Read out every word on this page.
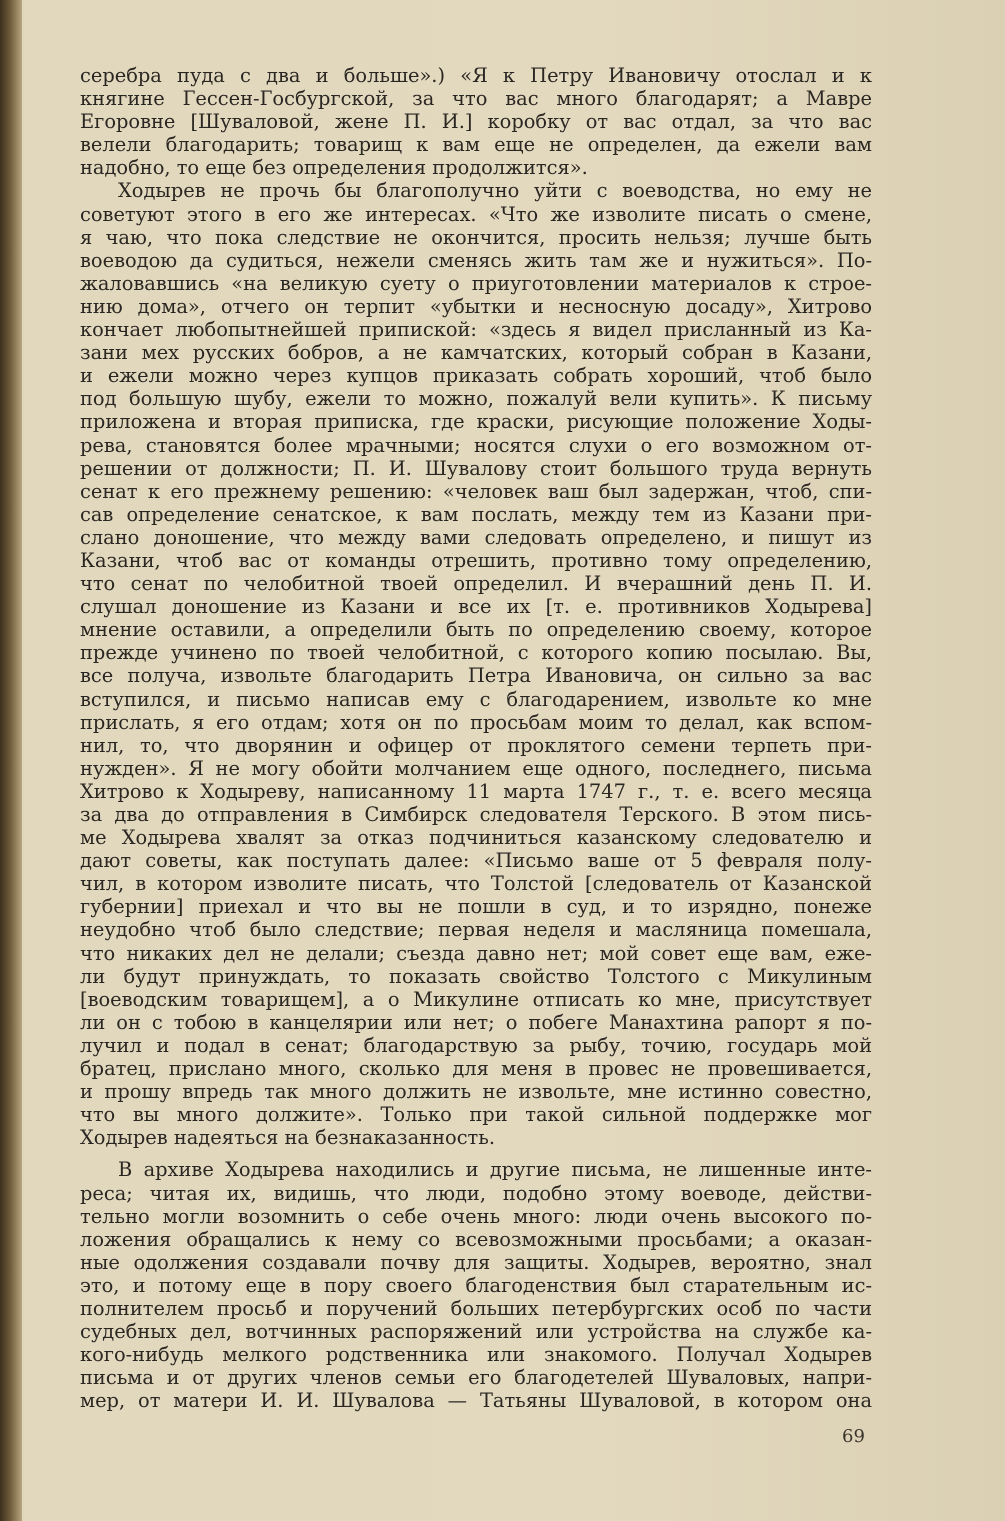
серебра пуда с два и больше».) «Я к Петру Ивановичу отослал и к
княгине Гессен-Госбургской, за что вас много благодарят; а Мавре
Егоровне [Шуваловой, жене П. И.] коробку от вас отдал, за что вас
велели благодарить; товарищ к вам еще не определен, да ежели вам
надобно, то еще без определения продолжится».
Ходырев не прочь бы благополучно уйти с воеводства, но ему не
советуют этого в его же интересах. «Что же изволите писать о смене,
я чаю, что пока следствие не окончится, просить нельзя; лучше быть
воеводою да судиться, нежели сменясь жить там же и нужиться». По-
жаловавшись «на великую суету о приуготовлении материалов к строе-
нию дома», отчего он терпит «убытки и несносную досаду», Хитрово
кончает любопытнейшей припиской: «здесь я видел присланный из Ка-
зани мех русских бобров, а не камчатских, который собран в Казани,
и ежели можно через купцов приказать собрать хороший, чтоб было
под большую шубу, ежели то можно, пожалуй вели купить». К письму
приложена и вторая приписка, где краски, рисующие положение Ходы-
рева, становятся более мрачными; носятся слухи о его возможном от-
решении от должности; П. И. Шувалову стоит большого труда вернуть
сенат к его прежнему решению: «человек ваш был задержан, чтоб, спи-
сав определение сенатское, к вам послать, между тем из Казани при-
слано доношение, что между вами следовать определено, и пишут из
Казани, чтоб вас от команды отрешить, противно тому определению,
что сенат по челобитной твоей определил. И вчерашний день П. И.
слушал доношение из Казани и все их [т. е. противников Ходырева]
мнение оставили, а определили быть по определению своему, которое
прежде учинено по твоей челобитной, с которого копию посылаю. Вы,
все получа, извольте благодарить Петра Ивановича, он сильно за вас
вступился, и письмо написав ему с благодарением, извольте ко мне
прислать, я его отдам; хотя он по просьбам моим то делал, как вспом-
нил, то, что дворянин и офицер от проклятого семени терпеть при-
нужден». Я не могу обойти молчанием еще одного, последнего, письма
Хитрово к Ходыреву, написанному 11 марта 1747 г., т. е. всего месяца
за два до отправления в Симбирск следователя Терского. В этом пись-
ме Ходырева хвалят за отказ подчиниться казанскому следователю и
дают советы, как поступать далее: «Письмо ваше от 5 февраля полу-
чил, в котором изволите писать, что Толстой [следователь от Казанской
губернии] приехал и что вы не пошли в суд, и то изрядно, понеже
неудобно чтоб было следствие; первая неделя и масляница помешала,
что никаких дел не делали; съезда давно нет; мой совет еще вам, еже-
ли будут принуждать, то показать свойство Толстого с Микулиным
[воеводским товарищем], а о Микулине отписать ко мне, присутствует
ли он с тобою в канцелярии или нет; о побеге Манахтина рапорт я по-
лучил и подал в сенат; благодарствую за рыбу, точию, государь мой
братец, прислано много, сколько для меня в провес не провешивается,
и прошу впредь так много должить не извольте, мне истинно совестно,
что вы много должите». Только при такой сильной поддержке мог
Ходырев надеяться на безнаказанность.
В архиве Ходырева находились и другие письма, не лишенные инте-
реса; читая их, видишь, что люди, подобно этому воеводе, действи-
тельно могли возомнить о себе очень много: люди очень высокого по-
ложения обращались к нему со всевозможными просьбами; а оказан-
ные одолжения создавали почву для защиты. Ходырев, вероятно, знал
это, и потому еще в пору своего благоденствия был старательным ис-
полнителем просьб и поручений больших петербургских особ по части
судебных дел, вотчинных распоряжений или устройства на службе ка-
кого-нибудь мелкого родственника или знакомого. Получал Ходырев
письма и от других членов семьи его благодетелей Шуваловых, напри-
мер, от матери И. И. Шувалова — Татьяны Шуваловой, в котором она
69
